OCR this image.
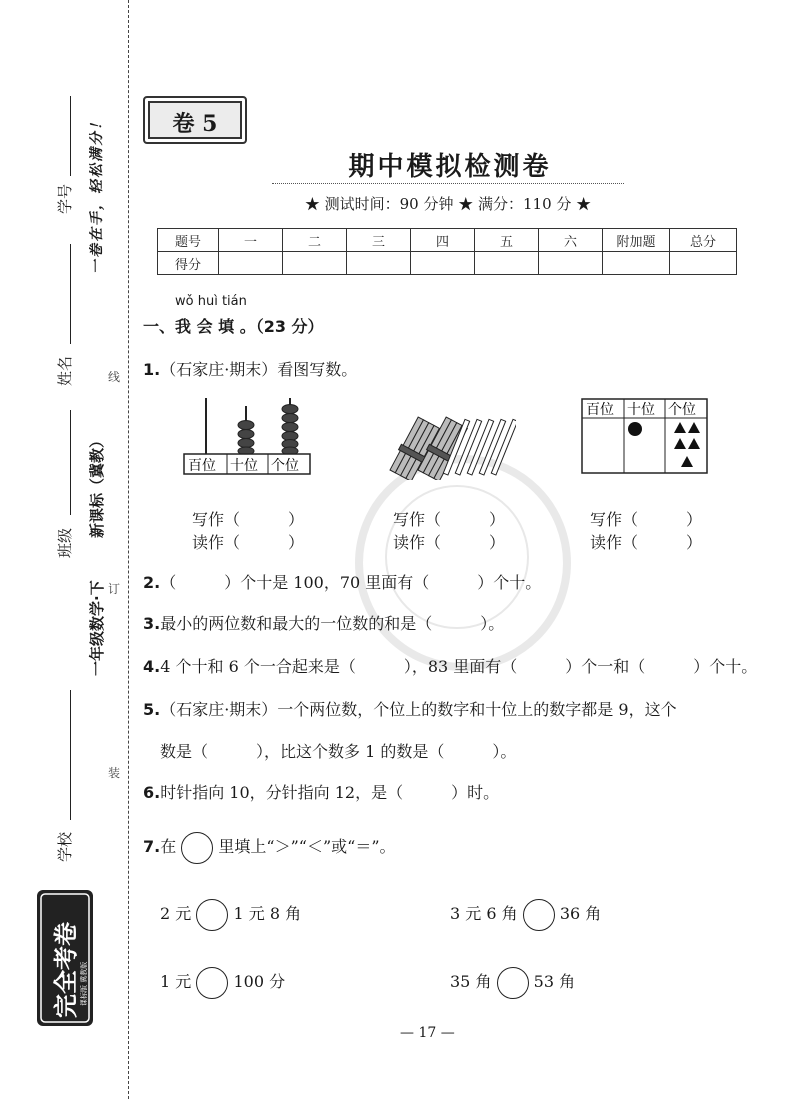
线
订
装
学号
姓名
班级
学校
一卷在手，轻松满分！
新课标（冀教）
一年级数学·下
完全考卷 课标版 冀教版
卷 5
期中模拟检测卷
★ 测试时间：90 分钟 ★ 满分：110 分 ★
题号	一	二	三	四	五	六	附加题	总分
得分								
wǒ huì tián
一、我 会 填 。（23 分）
1.（石家庄·期末）看图写数。
百位 十位 个位
百位 十位 个位
写作（　　　）
读作（　　　）
写作（　　　）
读作（　　　）
写作（　　　）
读作（　　　）
2.（　　　）个十是 100，70 里面有（　　　）个十。
3.最小的两位数和最大的一位数的和是（　　　）。
4.4 个十和 6 个一合起来是（　　　），83 里面有（　　　）个一和（　　　）个十。
5.（石家庄·期末）一个两位数，个位上的数字和十位上的数字都是 9，这个
数是（　　　），比这个数多 1 的数是（　　　）。
6.时针指向 10，分针指向 12，是（　　　）时。
7.在	里填上“＞”“＜”或“＝”。
2 元	1 元 8 角	3 元 6 角	36 角
1 元	100 分	35 角	53 角
— 17 —
